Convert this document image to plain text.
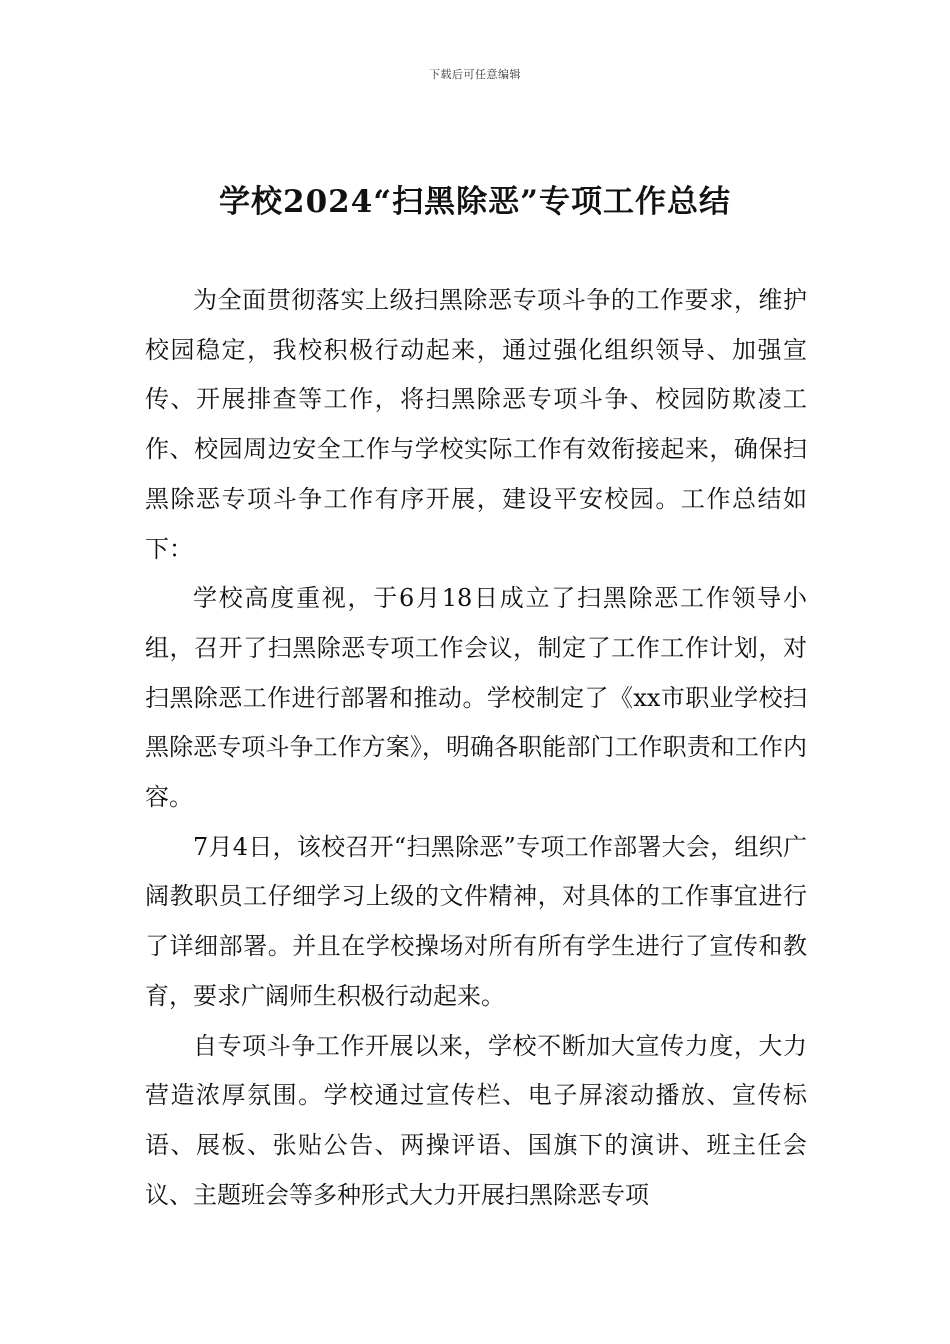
下载后可任意编辑
学校2024“扫黑除恶”专项工作总结

为全面贯彻落实上级扫黑除恶专项斗争的工作要求，维护校园稳定，我校积极行动起来，通过强化组织领导、加强宣传、开展排查等工作，将扫黑除恶专项斗争、校园防欺凌工作、校园周边安全工作与学校实际工作有效衔接起来，确保扫黑除恶专项斗争工作有序开展，建设平安校园。工作总结如下：

学校高度重视，于6月18日成立了扫黑除恶工作领导小组，召开了扫黑除恶专项工作会议，制定了工作工作计划，对扫黑除恶工作进行部署和推动。学校制定了《xx市职业学校扫黑除恶专项斗争工作方案》，明确各职能部门工作职责和工作内容。

7月4日，该校召开“扫黑除恶”专项工作部署大会，组织广阔教职员工仔细学习上级的文件精神，对具体的工作事宜进行了详细部署。并且在学校操场对所有所有学生进行了宣传和教育，要求广阔师生积极行动起来。

自专项斗争工作开展以来，学校不断加大宣传力度，大力营造浓厚氛围。学校通过宣传栏、电子屏滚动播放、宣传标语、展板、张贴公告、两操评语、国旗下的演讲、班主任会议、主题班会等多种形式大力开展扫黑除恶专项
